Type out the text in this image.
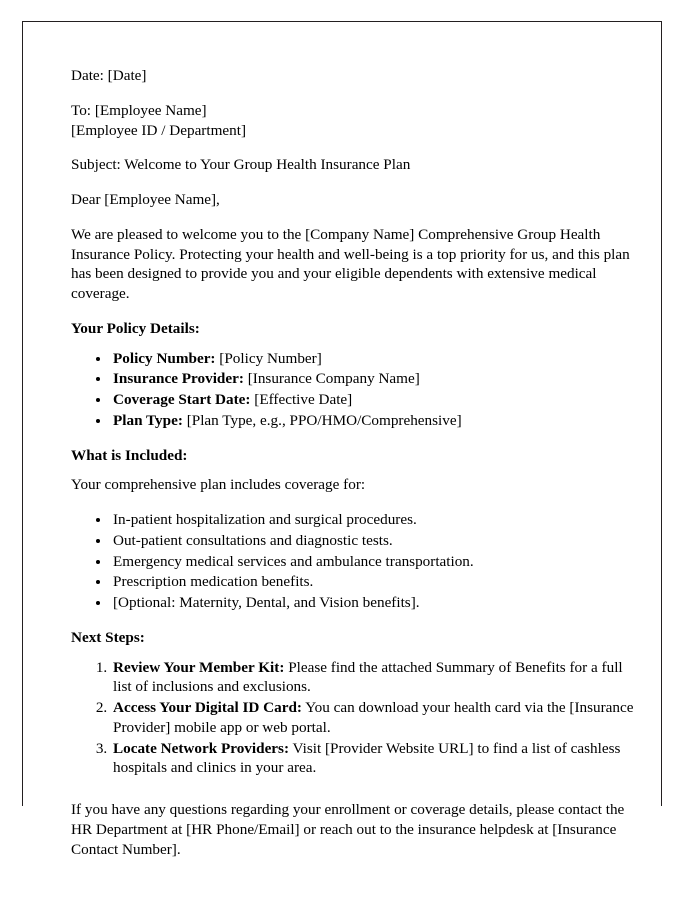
Date: [Date]

To: [Employee Name]

[Employee ID / Department]

Subject: Welcome to Your Group Health Insurance Plan

Dear [Employee Name],

We are pleased to welcome you to the [Company Name] Comprehensive Group Health Insurance Policy. Protecting your health and well-being is a top priority for us, and this plan has been designed to provide you and your eligible dependents with extensive medical coverage.

Your Policy Details:

• Policy Number: [Policy Number]
• Insurance Provider: [Insurance Company Name]
• Coverage Start Date: [Effective Date]
• Plan Type: [Plan Type, e.g., PPO/HMO/Comprehensive]

What is Included:

Your comprehensive plan includes coverage for:

• In-patient hospitalization and surgical procedures.
• Out-patient consultations and diagnostic tests.
• Emergency medical services and ambulance transportation.
• Prescription medication benefits.
• [Optional: Maternity, Dental, and Vision benefits].

Next Steps:

1. Review Your Member Kit: Please find the attached Summary of Benefits for a full list of inclusions and exclusions.
2. Access Your Digital ID Card: You can download your health card via the [Insurance Provider] mobile app or web portal.
3. Locate Network Providers: Visit [Provider Website URL] to find a list of cashless hospitals and clinics in your area.

If you have any questions regarding your enrollment or coverage details, please contact the HR Department at [HR Phone/Email] or reach out to the insurance helpdesk at [Insurance Contact Number].
